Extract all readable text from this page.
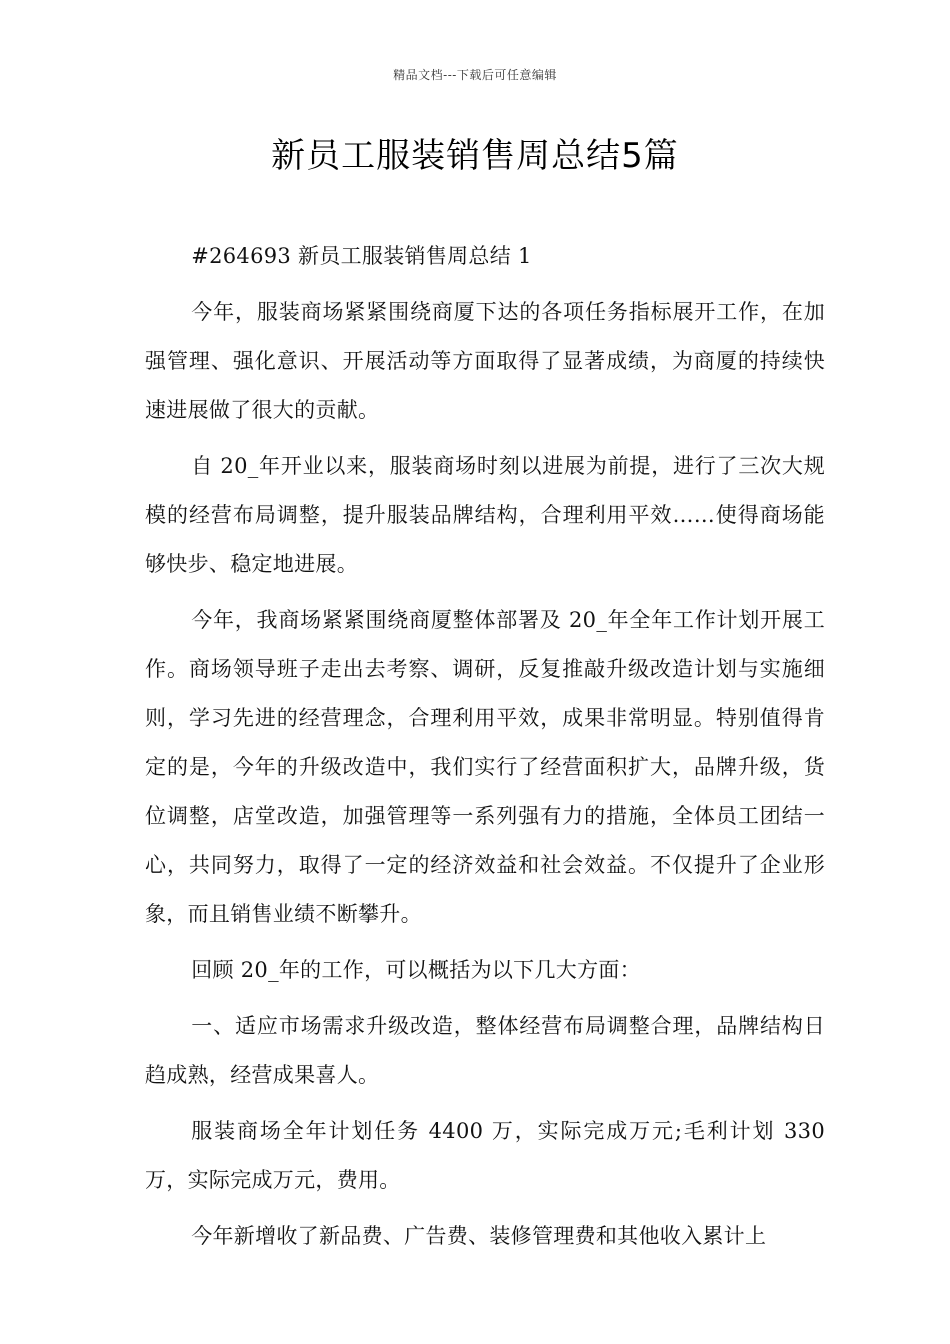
精品文档---下载后可任意编辑
新员工服装销售周总结5篇

#264693 新员工服装销售周总结 1

今年，服装商场紧紧围绕商厦下达的各项任务指标展开工作，在加强管理、强化意识、开展活动等方面取得了显著成绩，为商厦的持续快速进展做了很大的贡献。

自 20_年开业以来，服装商场时刻以进展为前提，进行了三次大规模的经营布局调整，提升服装品牌结构，合理利用平效……使得商场能够快步、稳定地进展。

今年，我商场紧紧围绕商厦整体部署及 20_年全年工作计划开展工作。商场领导班子走出去考察、调研，反复推敲升级改造计划与实施细则，学习先进的经营理念，合理利用平效，成果非常明显。特别值得肯定的是，今年的升级改造中，我们实行了经营面积扩大，品牌升级，货位调整，店堂改造，加强管理等一系列强有力的措施，全体员工团结一心，共同努力，取得了一定的经济效益和社会效益。不仅提升了企业形象，而且销售业绩不断攀升。

回顾 20_年的工作，可以概括为以下几大方面：

一、适应市场需求升级改造，整体经营布局调整合理，品牌结构日趋成熟，经营成果喜人。

服装商场全年计划任务 4400 万，实际完成万元;毛利计划 330万，实际完成万元，费用。

今年新增收了新品费、广告费、装修管理费和其他收入累计上
